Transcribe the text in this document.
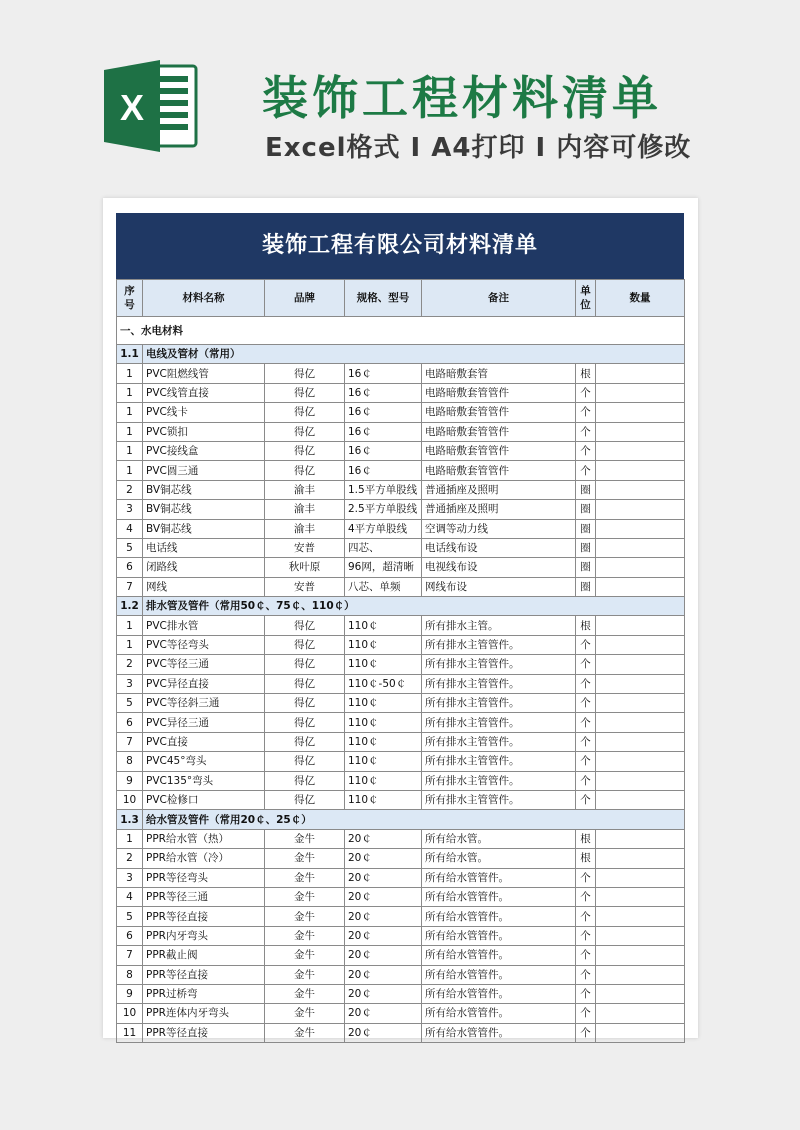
X	装饰工程材料清单
Excel格式 I A4打印 I 内容可修改
装饰工程有限公司材料清单
序号	材料名称	品牌	规格、型号	备注	单位	数量
一、水电材料						
1.1	电线及管材（常用）					
1	PVC阻燃线管	得亿	16￠	电路暗敷套管	根	
1	PVC线管直接	得亿	16￠	电路暗敷套管管件	个	
1	PVC线卡	得亿	16￠	电路暗敷套管管件	个	
1	PVC锁扣	得亿	16￠	电路暗敷套管管件	个	
1	PVC接线盒	得亿	16￠	电路暗敷套管管件	个	
1	PVC圆三通	得亿	16￠	电路暗敷套管管件	个	
2	BV铜芯线	渝丰	1.5平方单股线	普通插座及照明	圈	
3	BV铜芯线	渝丰	2.5平方单股线	普通插座及照明	圈	
4	BV铜芯线	渝丰	4平方单股线	空调等动力线	圈	
5	电话线	安普	四芯、	电话线布设	圈	
6	闭路线	秋叶原	96网，超清晰	电视线布设	圈	
7	网线	安普	八芯、单频	网线布设	圈	
1.2	排水管及管件（常用50￠、75￠、110￠）					
1	PVC排水管	得亿	110￠	所有排水主管。	根	
1	PVC等径弯头	得亿	110￠	所有排水主管管件。	个	
2	PVC等径三通	得亿	110￠	所有排水主管管件。	个	
3	PVC异径直接	得亿	110￠-50￠	所有排水主管管件。	个	
5	PVC等径斜三通	得亿	110￠	所有排水主管管件。	个	
6	PVC异径三通	得亿	110￠	所有排水主管管件。	个	
7	PVC直接	得亿	110￠	所有排水主管管件。	个	
8	PVC45°弯头	得亿	110￠	所有排水主管管件。	个	
9	PVC135°弯头	得亿	110￠	所有排水主管管件。	个	
10	PVC检修口	得亿	110￠	所有排水主管管件。	个	
1.3	给水管及管件（常用20￠、25￠）					
1	PPR给水管（热）	金牛	20￠	所有给水管。	根	
2	PPR给水管（冷）	金牛	20￠	所有给水管。	根	
3	PPR等径弯头	金牛	20￠	所有给水管管件。	个	
4	PPR等径三通	金牛	20￠	所有给水管管件。	个	
5	PPR等径直接	金牛	20￠	所有给水管管件。	个	
6	PPR内牙弯头	金牛	20￠	所有给水管管件。	个	
7	PPR截止阀	金牛	20￠	所有给水管管件。	个	
8	PPR等径直接	金牛	20￠	所有给水管管件。	个	
9	PPR过桥弯	金牛	20￠	所有给水管管件。	个	
10	PPR连体内牙弯头	金牛	20￠	所有给水管管件。	个	
11	PPR等径直接	金牛	20￠	所有给水管管件。	个	
